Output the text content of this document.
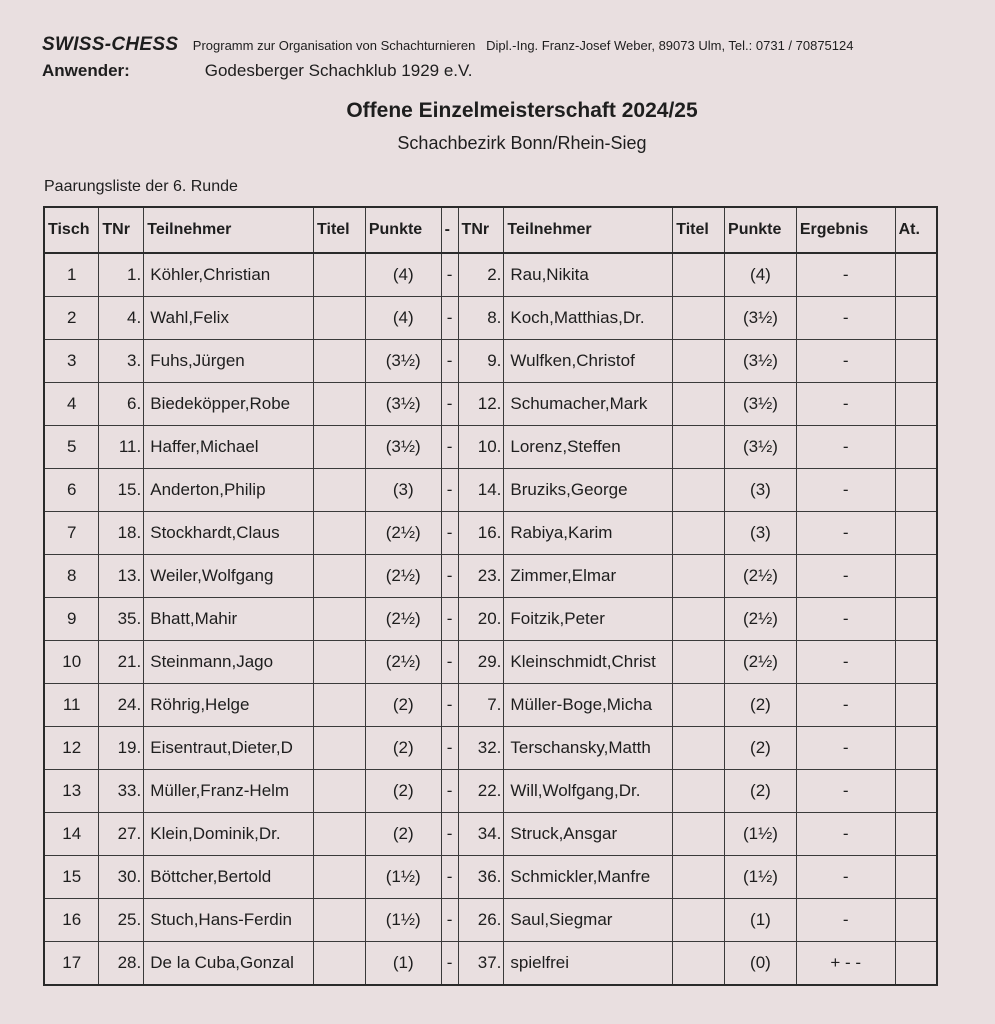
SWISS-CHESS Programm zur Organisation von Schachturnieren   Dipl.-Ing. Franz-Josef Weber, 89073 Ulm, Tel.: 0731 / 70875124
Anwender:	Godesberger Schachklub 1929 e.V.
Offene Einzelmeisterschaft 2024/25
Schachbezirk Bonn/Rhein-Sieg
Paarungsliste der 6. Runde
Tisch	TNr	Teilnehmer	Titel	Punkte	-	TNr	Teilnehmer	Titel	Punkte	Ergebnis	At.
1	1.	Köhler,Christian		(4)	-	2.	Rau,Nikita		(4)	-	
2	4.	Wahl,Felix		(4)	-	8.	Koch,Matthias,Dr.		(3½)	-	
3	3.	Fuhs,Jürgen		(3½)	-	9.	Wulfken,Christof		(3½)	-	
4	6.	Biedeköpper,Robe		(3½)	-	12.	Schumacher,Mark		(3½)	-	
5	11.	Haffer,Michael		(3½)	-	10.	Lorenz,Steffen		(3½)	-	
6	15.	Anderton,Philip		(3)	-	14.	Bruziks,George		(3)	-	
7	18.	Stockhardt,Claus		(2½)	-	16.	Rabiya,Karim		(3)	-	
8	13.	Weiler,Wolfgang		(2½)	-	23.	Zimmer,Elmar		(2½)	-	
9	35.	Bhatt,Mahir		(2½)	-	20.	Foitzik,Peter		(2½)	-	
10	21.	Steinmann,Jago		(2½)	-	29.	Kleinschmidt,Christ		(2½)	-	
11	24.	Röhrig,Helge		(2)	-	7.	Müller-Boge,Micha		(2)	-	
12	19.	Eisentraut,Dieter,D		(2)	-	32.	Terschansky,Matth		(2)	-	
13	33.	Müller,Franz-Helm		(2)	-	22.	Will,Wolfgang,Dr.		(2)	-	
14	27.	Klein,Dominik,Dr.		(2)	-	34.	Struck,Ansgar		(1½)	-	
15	30.	Böttcher,Bertold		(1½)	-	36.	Schmickler,Manfre		(1½)	-	
16	25.	Stuch,Hans-Ferdin		(1½)	-	26.	Saul,Siegmar		(1)	-	
17	28.	De la Cuba,Gonzal		(1)	-	37.	spielfrei		(0)	+ - -	
